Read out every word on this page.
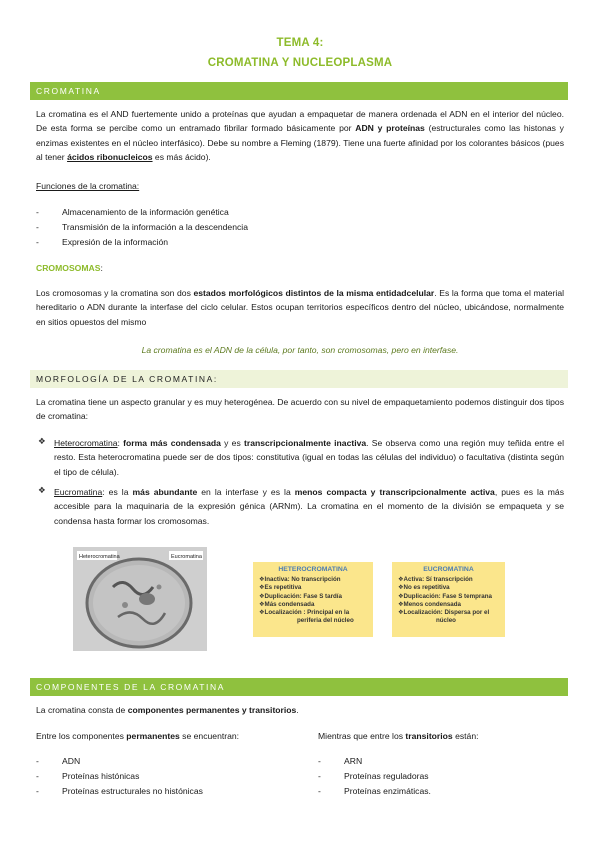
TEMA 4:
CROMATINA Y NUCLEOPLASMA
CROMATINA
La cromatina es el AND fuertemente unido a proteínas que ayudan a empaquetar de manera ordenada el ADN en el interior del núcleo. De esta forma se percibe como un entramado fibrilar formado básicamente por ADN y proteínas (estructurales como las histonas y enzimas existentes en el núcleo interfásico). Debe su nombre a Fleming (1879). Tiene una fuerte afinidad por los colorantes básicos (pues al tener ácidos ribonucleicos es más ácido).
Funciones de la cromatina:
-	Almacenamiento de la información genética
-	Transmisión de la información a la descendencia
-	Expresión de la información
CROMOSOMAS:
Los cromosomas y la cromatina son dos estados morfológicos distintos de la misma entidadcelular. Es la forma que toma el material hereditario o ADN durante la interfase del ciclo celular. Estos ocupan territorios específicos dentro del núcleo, ubicándose, normalmente en sitios opuestos del mismo
La cromatina es el ADN de la célula, por tanto, son cromosomas, pero en interfase.
MORFOLOGÍA DE LA CROMATINA:
La cromatina tiene un aspecto granular y es muy heterogénea. De acuerdo con su nivel de empaquetamiento podemos distinguir dos tipos de cromatina:
❖ Heterocromatina: forma más condensada y es transcripcionalmente inactiva. Se observa como una región muy teñida entre el resto. Esta heterocromatina puede ser de dos tipos: constitutiva (igual en todas las células del individuo) o facultativa (distinta según el tipo de célula).
❖ Eucromatina: es la más abundante en la interfase y es la menos compacta y transcripcionalmente activa, pues es la más accesible para la maquinaria de la expresión génica (ARNm). La cromatina en el momento de la división se empaqueta y se condensa hasta formar los cromosomas.
Heterocromatina	Eucromatina
HETEROCROMATINA
❖Inactiva: No transcripción
❖Es repetitiva
❖Duplicación: Fase S tardía
❖Más condensada
❖Localización : Principal en la
periferia del núcleo
EUCROMATINA
❖Activa: Sí transcripción
❖No es repetitiva
❖Duplicación: Fase S temprana
❖Menos condensada
❖Localización: Dispersa por el
núcleo
COMPONENTES DE LA CROMATINA
La cromatina consta de componentes permanentes y transitorios.
Entre los componentes permanentes se encuentran:	Mientras que entre los transitorios están:
-	ADN
-	Proteínas histónicas
-	Proteínas estructurales no histónicas
-	ARN
-	Proteínas reguladoras
-	Proteínas enzimáticas.
